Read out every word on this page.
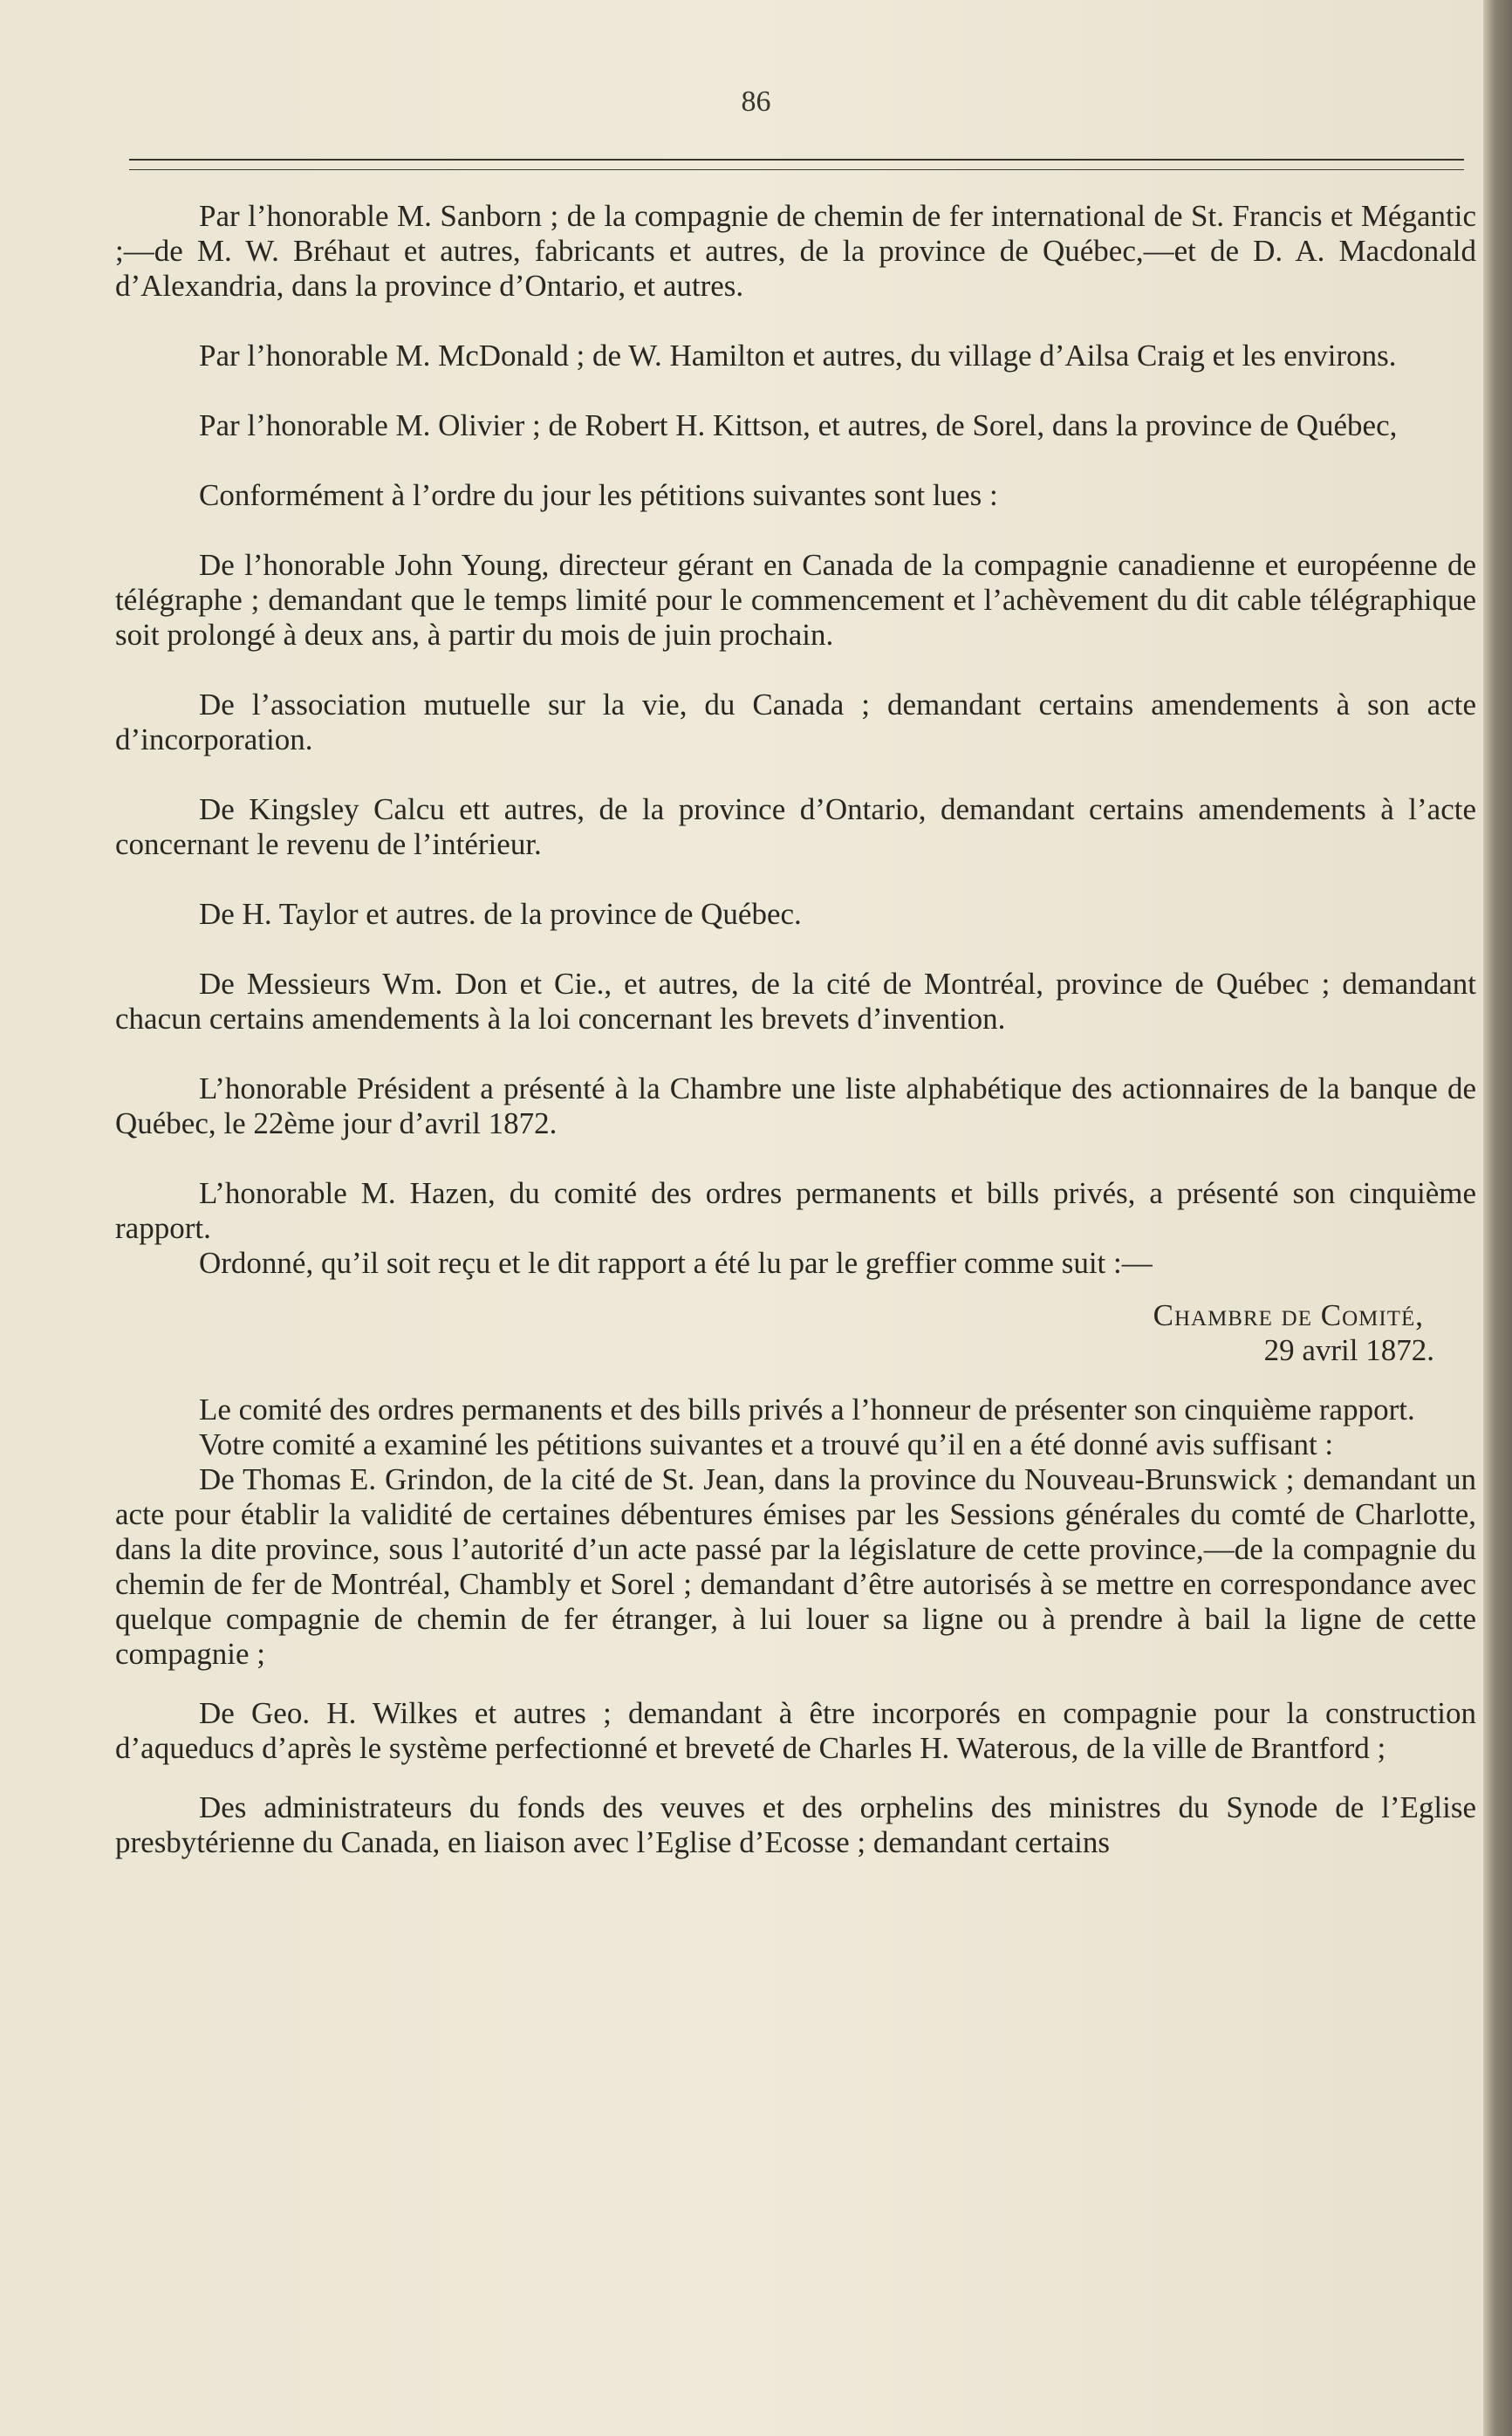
86

Par l’honorable M. Sanborn ; de la compagnie de chemin de fer international de St. Francis et Mégantic ;—de M. W. Bréhaut et autres, fabricants et autres, de la province de Québec,—et de D. A. Macdonald d’Alexandria, dans la province d’Ontario, et autres.

Par l’honorable M. McDonald ; de W. Hamilton et autres, du village d’Ailsa Craig et les environs.

Par l’honorable M. Olivier ; de Robert H. Kittson, et autres, de Sorel, dans la province de Québec,

Conformément à l’ordre du jour les pétitions suivantes sont lues :

De l’honorable John Young, directeur gérant en Canada de la compagnie canadienne et européenne de télégraphe ; demandant que le temps limité pour le commencement et l’achèvement du dit cable télégraphique soit prolongé à deux ans, à partir du mois de juin prochain.

De l’association mutuelle sur la vie, du Canada ; demandant certains amendements à son acte d’incorporation.

De Kingsley Calcu ett autres, de la province d’Ontario, demandant certains amendements à l’acte concernant le revenu de l’intérieur.

De H. Taylor et autres. de la province de Québec.

De Messieurs Wm. Don et Cie., et autres, de la cité de Montréal, province de Québec ; demandant chacun certains amendements à la loi concernant les brevets d’invention.

L’honorable Président a présenté à la Chambre une liste alphabétique des actionnaires de la banque de Québec, le 22ème jour d’avril 1872.

L’honorable M. Hazen, du comité des ordres permanents et bills privés, a présenté son cinquième rapport.

Ordonné, qu’il soit reçu et le dit rapport a été lu par le greffier comme suit :—

Chambre de Comité,

29 avril 1872.

Le comité des ordres permanents et des bills privés a l’honneur de présenter son cinquième rapport.

Votre comité a examiné les pétitions suivantes et a trouvé qu’il en a été donné avis suffisant :

De Thomas E. Grindon, de la cité de St. Jean, dans la province du Nouveau-Brunswick ; demandant un acte pour établir la validité de certaines débentures émises par les Sessions générales du comté de Charlotte, dans la dite province, sous l’autorité d’un acte passé par la législature de cette province,—de la compagnie du chemin de fer de Montréal, Chambly et Sorel ; demandant d’être autorisés à se mettre en correspondance avec quelque compagnie de chemin de fer étranger, à lui louer sa ligne ou à prendre à bail la ligne de cette compagnie ;

De Geo. H. Wilkes et autres ; demandant à être incorporés en compagnie pour la construction d’aqueducs d’après le système perfectionné et breveté de Charles H. Waterous, de la ville de Brantford ;

Des administrateurs du fonds des veuves et des orphelins des ministres du Synode de l’Eglise presbytérienne du Canada, en liaison avec l’Eglise d’Ecosse ; demandant certains
